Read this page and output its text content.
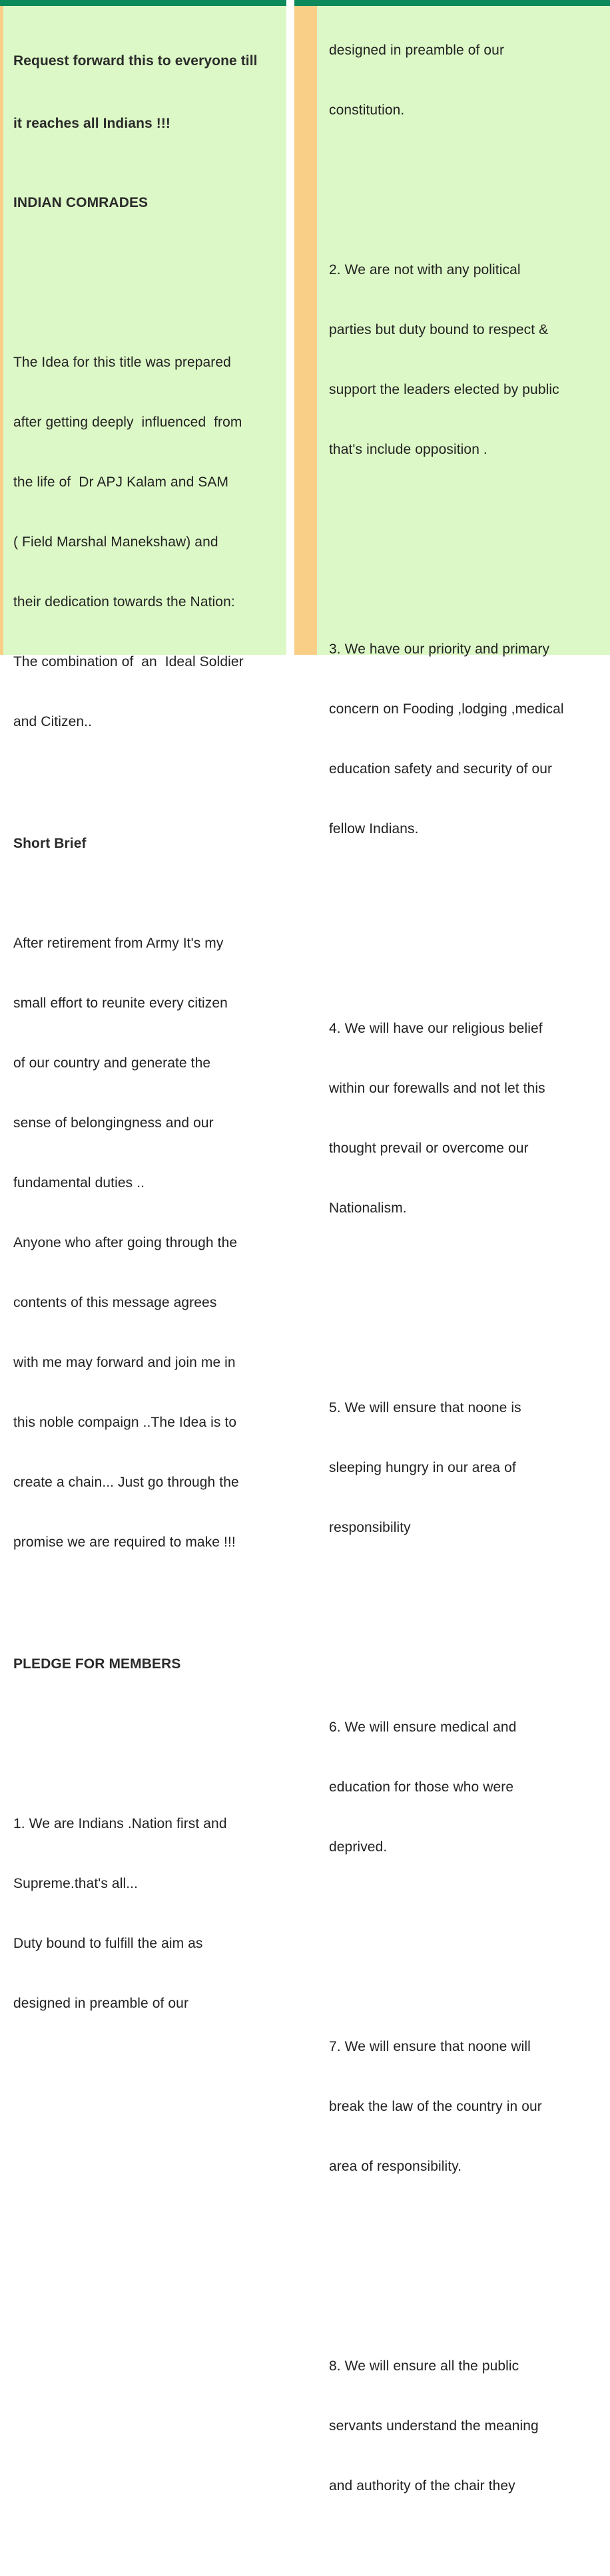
Request forward this to everyone till

it reaches all Indians !!!

INDIAN COMRADES

The Idea for this title was prepared

after getting deeply  influenced  from

the life of  Dr APJ Kalam and SAM

( Field Marshal Manekshaw) and

their dedication towards the Nation:

The combination of  an  Ideal Soldier

and Citizen..

Short Brief

After retirement from Army It's my

small effort to reunite every citizen

of our country and generate the

sense of belongingness and our

fundamental duties ..

Anyone who after going through the

contents of this message agrees

with me may forward and join me in

this noble compaign ..The Idea is to

create a chain... Just go through the

promise we are required to make !!!

PLEDGE FOR MEMBERS

1. We are Indians .Nation first and

Supreme.that's all...

Duty bound to fulfill the aim as

designed in preamble of our

designed in preamble of our

constitution.

2. We are not with any political

parties but duty bound to respect &

support the leaders elected by public

that's include opposition .

3. We have our priority and primary

concern on Fooding ,lodging ,medical

education safety and security of our

fellow Indians.

4. We will have our religious belief

within our forewalls and not let this

thought prevail or overcome our

Nationalism.

5. We will ensure that noone is

sleeping hungry in our area of

responsibility

6. We will ensure medical and

education for those who were

deprived.

7. We will ensure that noone will

break the law of the country in our

area of responsibility.

8. We will ensure all the public

servants understand the meaning

and authority of the chair they
